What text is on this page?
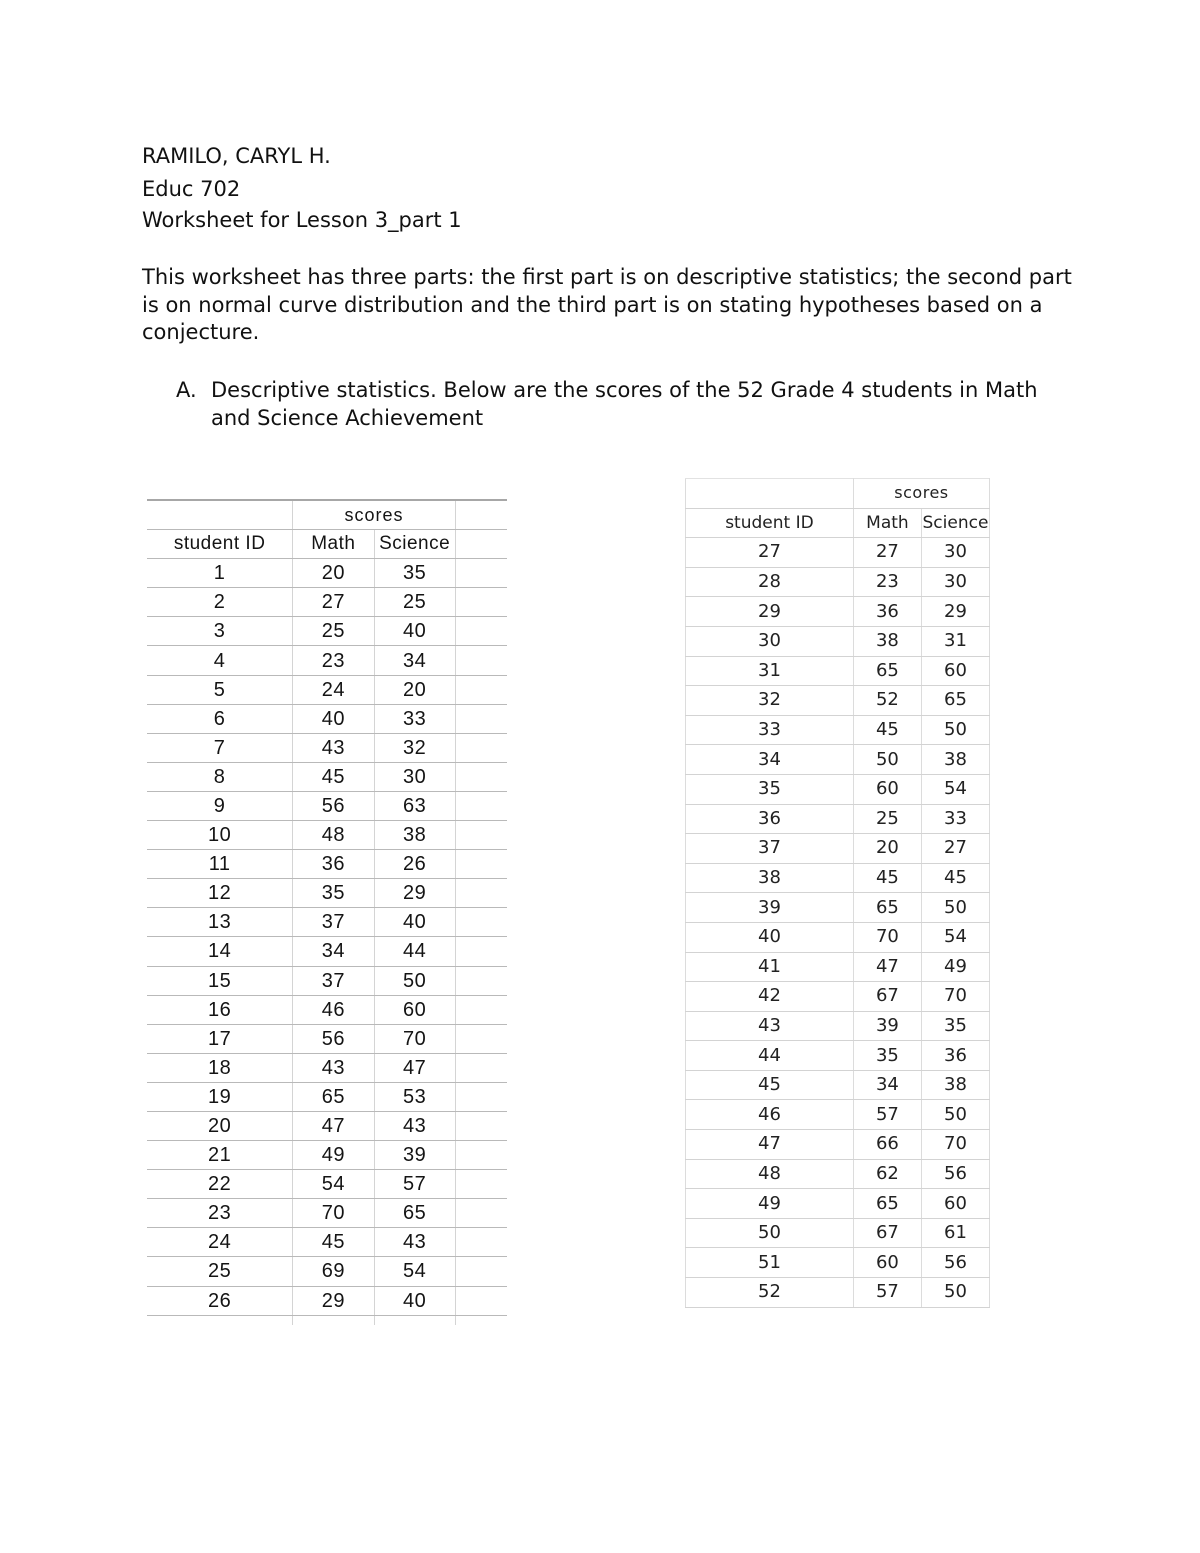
RAMILO, CARYL H.
Educ 702
Worksheet for Lesson 3_part 1
This worksheet has three parts: the first part is on descriptive statistics; the second part is on normal curve distribution and the third part is on stating hypotheses based on a conjecture.
A. Descriptive statistics. Below are the scores of the 52 Grade 4 students in Math and Science Achievement
	scores		
student ID	Math	Science	
1	20	35	
2	27	25	
3	25	40	
4	23	34	
5	24	20	
6	40	33	
7	43	32	
8	45	30	
9	56	63	
10	48	38	
11	36	26	
12	35	29	
13	37	40	
14	34	44	
15	37	50	
16	46	60	
17	56	70	
18	43	47	
19	65	53	
20	47	43	
21	49	39	
22	54	57	
23	70	65	
24	45	43	
25	69	54	
26	29	40	

	scores	
student ID	Math	Science
27	27	30
28	23	30
29	36	29
30	38	31
31	65	60
32	52	65
33	45	50
34	50	38
35	60	54
36	25	33
37	20	27
38	45	45
39	65	50
40	70	54
41	47	49
42	67	70
43	39	35
44	35	36
45	34	38
46	57	50
47	66	70
48	62	56
49	65	60
50	67	61
51	60	56
52	57	50
